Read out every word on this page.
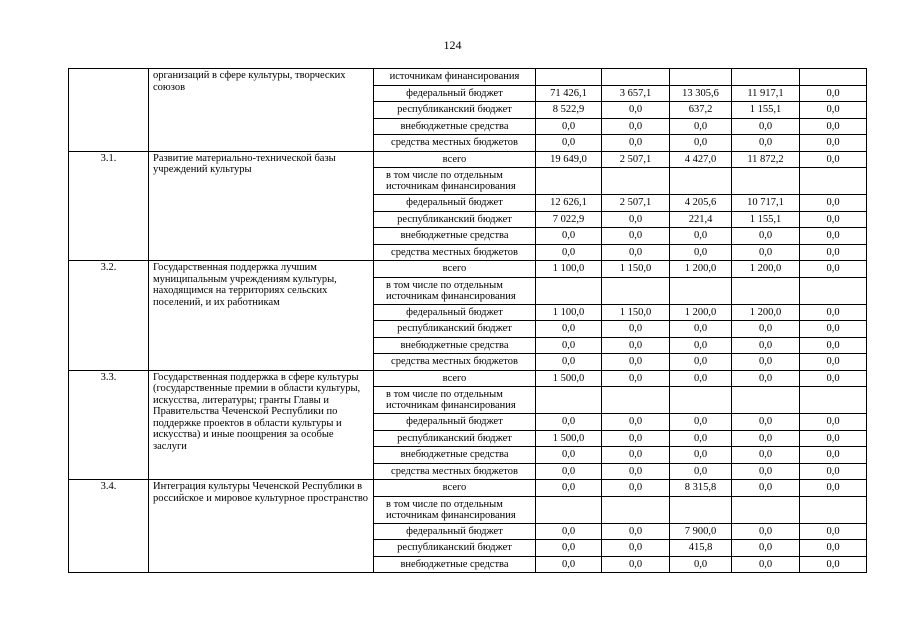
124
	организаций в сфере культуры, творческих союзов	источникам финансирования					
		федеральный бюджет	71 426,1	3 657,1	13 305,6	11 917,1	0,0
		республиканский бюджет	8 522,9	0,0	637,2	1 155,1	0,0
		внебюджетные средства	0,0	0,0	0,0	0,0	0,0
		средства местных бюджетов	0,0	0,0	0,0	0,0	0,0
3.1.	Развитие материально-технической базы учреждений культуры	всего	19 649,0	2 507,1	4 427,0	11 872,2	0,0
		в том числе по отдельным источникам финансирования					
		федеральный бюджет	12 626,1	2 507,1	4 205,6	10 717,1	0,0
		республиканский бюджет	7 022,9	0,0	221,4	1 155,1	0,0
		внебюджетные средства	0,0	0,0	0,0	0,0	0,0
		средства местных бюджетов	0,0	0,0	0,0	0,0	0,0
3.2.	Государственная поддержка лучшим муниципальным учреждениям культуры, находящимся на территориях сельских поселений, и их работникам	всего	1 100,0	1 150,0	1 200,0	1 200,0	0,0
		в том числе по отдельным источникам финансирования					
		федеральный бюджет	1 100,0	1 150,0	1 200,0	1 200,0	0,0
		республиканский бюджет	0,0	0,0	0,0	0,0	0,0
		внебюджетные средства	0,0	0,0	0,0	0,0	0,0
		средства местных бюджетов	0,0	0,0	0,0	0,0	0,0
3.3.	Государственная поддержка в сфере культуры (государственные премии в области культуры, искусства, литературы; гранты Главы и Правительства Чеченской Республики по поддержке проектов в области культуры и искусства) и иные поощрения за особые заслуги	всего	1 500,0	0,0	0,0	0,0	0,0
		в том числе по отдельным источникам финансирования					
		федеральный бюджет	0,0	0,0	0,0	0,0	0,0
		республиканский бюджет	1 500,0	0,0	0,0	0,0	0,0
		внебюджетные средства	0,0	0,0	0,0	0,0	0,0
		средства местных бюджетов	0,0	0,0	0,0	0,0	0,0
3.4.	Интеграция культуры Чеченской Республики в российское и мировое культурное пространство	всего	0,0	0,0	8 315,8	0,0	0,0
		в том числе по отдельным источникам финансирования					
		федеральный бюджет	0,0	0,0	7 900,0	0,0	0,0
		республиканский бюджет	0,0	0,0	415,8	0,0	0,0
		внебюджетные средства	0,0	0,0	0,0	0,0	0,0
